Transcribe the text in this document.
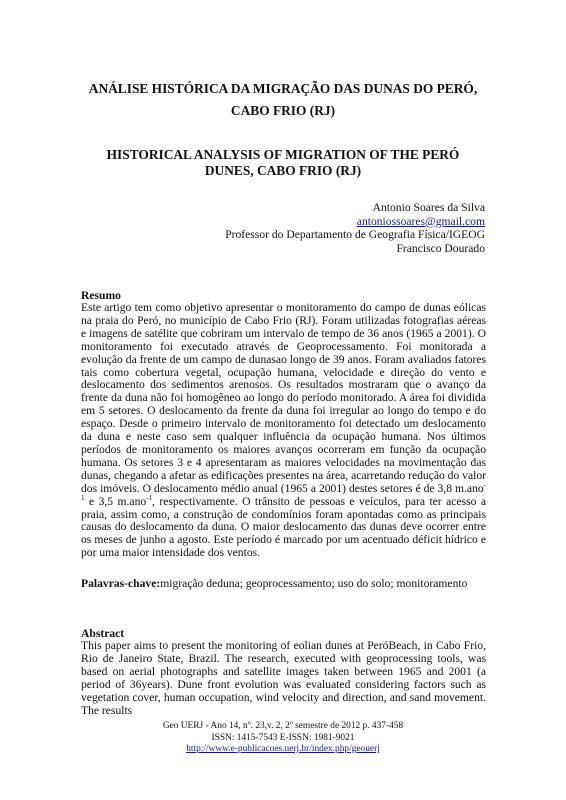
ANÁLISE HISTÓRICA DA MIGRAÇÃO DAS DUNAS DO PERÓ,
CABO FRIO (RJ)
HISTORICAL ANALYSIS OF MIGRATION OF THE PERÓ
DUNES, CABO FRIO (RJ)
Antonio Soares da Silva
antoniossoares@gmail.com
Professor do Departamento de Geografia Física/IGEOG
Francisco Dourado
Resumo

Este artigo tem como objetivo apresentar o monitoramento do campo de dunas eólicas na praia do Peró, no município de Cabo Frio (RJ). Foram utilizadas fotografias aéreas e imagens de satélite que cobriram um intervalo de tempo de 36 anos (1965 a 2001). O monitoramento foi executado através de Geoprocessamento. Foi monitorada a evolução da frente de um campo de dunasao longo de 39 anos. Foram avaliados fatores tais como cobertura vegetal, ocupação humana, velocidade e direção do vento e deslocamento dos sedimentos arenosos. Os resultados mostraram que o avanço da frente da duna não foi homogêneo ao longo do período monitorado. A área foi dividida em 5 setores. O deslocamento da frente da duna foi irregular ao longo do tempo e do espaço. Desde o primeiro intervalo de monitoramento foi detectado um deslocamento da duna e neste caso sem qualquer influência da ocupação humana. Nos últimos períodos de monitoramento os maiores avanços ocorreram em função da ocupação humana. Os setores 3 e 4 apresentaram as maiores velocidades na movimentação das dunas, chegando a afetar as edificações presentes na área, acarretando redução do valor dos imóveis. O deslocamento médio anual (1965 a 2001) destes setores é de 3,8 m.ano$^{-1}$ e 3,5 m.ano$^{-1}$, respectivamente. O trânsito de pessoas e veículos, para ter acesso a praia, assim como, a construção de condomínios foram apontadas como as principais causas do deslocamento da duna. O maior deslocamento das dunas deve ocorrer entre os meses de junho a agosto. Este período é marcado por um acentuado déficit hídrico e por uma maior intensidade dos ventos.

Palavras-chave:migração deduna; geoprocessamento; uso do solo; monitoramento
Abstract

This paper aims to present the monitoring of eolian dunes at PeróBeach, in Cabo Frio, Rio de Janeiro State, Brazil. The research, executed with geoprocessing tools, was based on aerial photographs and satellite images taken between 1965 and 2001 (a period of 36years). Dune front evolution was evaluated considering factors such as vegetation cover, human occupation, wind velocity and direction, and sand movement. The results

Geo UERJ - Ano 14, nº. 23,v. 2, 2º semestre de 2012 p. 437-458
ISSN: 1415-7543 E-ISSN: 1981-9021
http://www.e-publicacoes.uerj.br/index.php/geouerj
